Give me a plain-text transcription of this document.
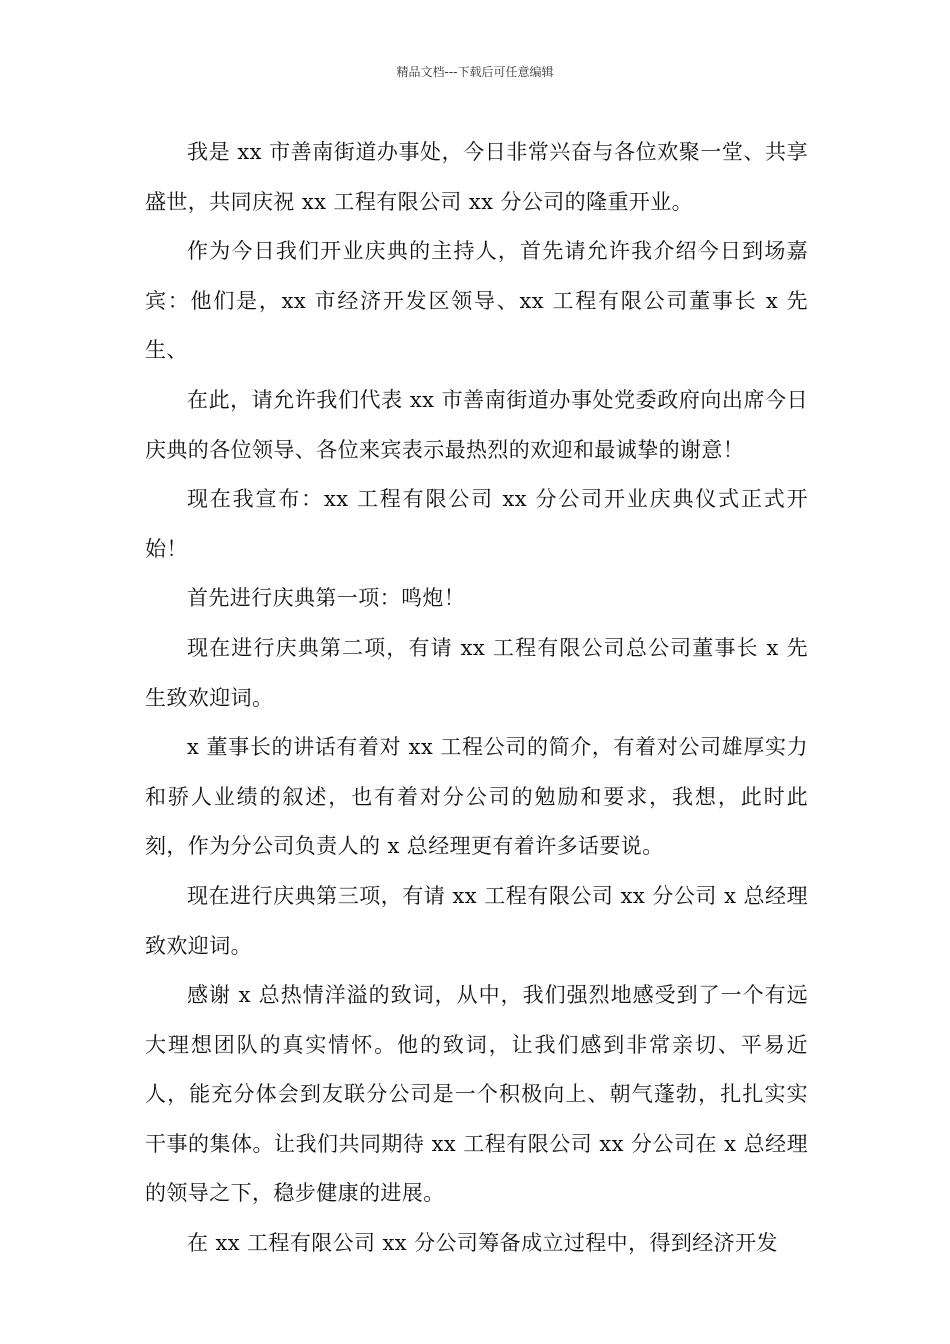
精品文档---下载后可任意编辑

我是 xx 市善南街道办事处，今日非常兴奋与各位欢聚一堂、共享盛世，共同庆祝 xx 工程有限公司 xx 分公司的隆重开业。

作为今日我们开业庆典的主持人，首先请允许我介绍今日到场嘉宾：他们是，xx 市经济开发区领导、xx 工程有限公司董事长 x 先生、

在此，请允许我们代表 xx 市善南街道办事处党委政府向出席今日庆典的各位领导、各位来宾表示最热烈的欢迎和最诚挚的谢意！

现在我宣布：xx 工程有限公司 xx 分公司开业庆典仪式正式开始！

首先进行庆典第一项：鸣炮！

现在进行庆典第二项，有请 xx 工程有限公司总公司董事长 x 先生致欢迎词。

x 董事长的讲话有着对 xx 工程公司的简介，有着对公司雄厚实力和骄人业绩的叙述，也有着对分公司的勉励和要求，我想，此时此刻，作为分公司负责人的 x 总经理更有着许多话要说。

现在进行庆典第三项，有请 xx 工程有限公司 xx 分公司 x 总经理致欢迎词。

感谢 x 总热情洋溢的致词，从中，我们强烈地感受到了一个有远大理想团队的真实情怀。他的致词，让我们感到非常亲切、平易近人，能充分体会到友联分公司是一个积极向上、朝气蓬勃，扎扎实实干事的集体。让我们共同期待 xx 工程有限公司 xx 分公司在 x 总经理的领导之下，稳步健康的进展。

在 xx 工程有限公司 xx 分公司筹备成立过程中，得到经济开发
